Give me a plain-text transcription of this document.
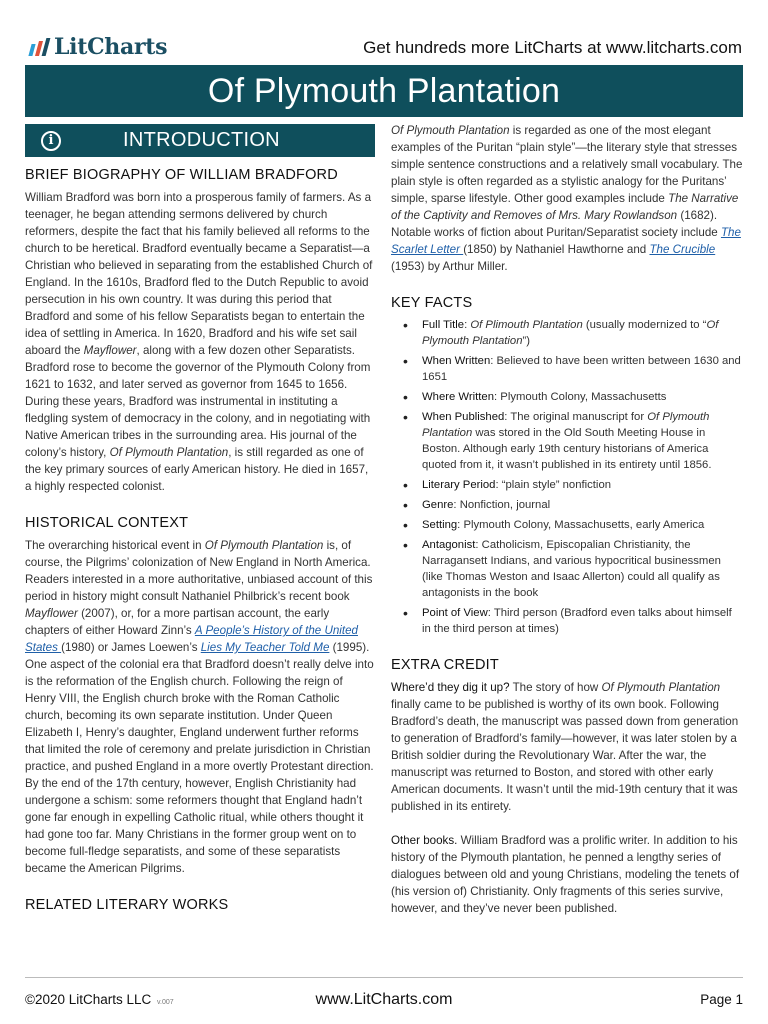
LitCharts	Get hundreds more LitCharts at www.litcharts.com
Of Plymouth Plantation
i	INTRODUCTION
BRIEF BIOGRAPHY OF WILLIAM BRADFORD

William Bradford was born into a prosperous family of farmers. As a teenager, he began attending sermons delivered by church reformers, despite the fact that his family believed all reforms to the church to be heretical. Bradford eventually became a Separatist—a Christian who believed in separating from the established Church of England. In the 1610s, Bradford fled to the Dutch Republic to avoid persecution in his own country. It was during this period that Bradford and some of his fellow Separatists began to entertain the idea of settling in America. In 1620, Bradford and his wife set sail aboard the Mayflower, along with a few dozen other Separatists. Bradford rose to become the governor of the Plymouth Colony from 1621 to 1632, and later served as governor from 1645 to 1656. During these years, Bradford was instrumental in instituting a fledgling system of democracy in the colony, and in negotiating with Native American tribes in the surrounding area. His journal of the colony’s history, Of Plymouth Plantation, is still regarded as one of the key primary sources of early American history. He died in 1657, a highly respected colonist.

HISTORICAL CONTEXT

The overarching historical event in Of Plymouth Plantation is, of course, the Pilgrims’ colonization of New England in North America. Readers interested in a more authoritative, unbiased account of this period in history might consult Nathaniel Philbrick’s recent book Mayflower (2007), or, for a more partisan account, the early chapters of either Howard Zinn’s A People’s History of the United States (1980) or James Loewen’s Lies My Teacher Told Me (1995). One aspect of the colonial era that Bradford doesn’t really delve into is the reformation of the English church. Following the reign of Henry VIII, the English church broke with the Roman Catholic church, becoming its own separate institution. Under Queen Elizabeth I, Henry’s daughter, England underwent further reforms that limited the role of ceremony and prelate jurisdiction in Christian practice, and pushed England in a more overtly Protestant direction. By the end of the 17th century, however, English Christianity had undergone a schism: some reformers thought that England hadn’t gone far enough in expelling Catholic ritual, while others thought it had gone too far. Many Christians in the former group went on to become full-fledge separatists, and some of these separatists became the American Pilgrims.

RELATED LITERARY WORKS

Of Plymouth Plantation is regarded as one of the most elegant examples of the Puritan “plain style”—the literary style that stresses simple sentence constructions and a relatively small vocabulary. The plain style is often regarded as a stylistic analogy for the Puritans’ simple, sparse lifestyle. Other good examples include The Narrative of the Captivity and Removes of Mrs. Mary Rowlandson (1682). Notable works of fiction about Puritan/Separatist society include The Scarlet Letter (1850) by Nathaniel Hawthorne and The Crucible (1953) by Arthur Miller.

KEY FACTS
• Full Title: Of Plimouth Plantation (usually modernized to “Of Plymouth Plantation”)
• When Written: Believed to have been written between 1630 and 1651
• Where Written: Plymouth Colony, Massachusetts
• When Published: The original manuscript for Of Plymouth Plantation was stored in the Old South Meeting House in Boston. Although early 19th century historians of America quoted from it, it wasn’t published in its entirety until 1856.
• Literary Period: “plain style” nonfiction
• Genre: Nonfiction, journal
• Setting: Plymouth Colony, Massachusetts, early America
• Antagonist: Catholicism, Episcopalian Christianity, the Narragansett Indians, and various hypocritical businessmen (like Thomas Weston and Isaac Allerton) could all qualify as antagonists in the book
• Point of View: Third person (Bradford even talks about himself in the third person at times)
EXTRA CREDIT

Where’d they dig it up? The story of how Of Plymouth Plantation finally came to be published is worthy of its own book. Following Bradford’s death, the manuscript was passed down from generation to generation of Bradford’s family—however, it was later stolen by a British soldier during the Revolutionary War. After the war, the manuscript was returned to Boston, and stored with other early American documents. It wasn’t until the mid-19th century that it was published in its entirety.

Other books. William Bradford was a prolific writer. In addition to his history of the Plymouth plantation, he penned a lengthy series of dialogues between old and young Christians, modeling the tenets of (his version of) Christianity. Only fragments of this series survive, however, and they’ve never been published.

©2020 LitCharts LLC v.007	www.LitCharts.com	Page 1
